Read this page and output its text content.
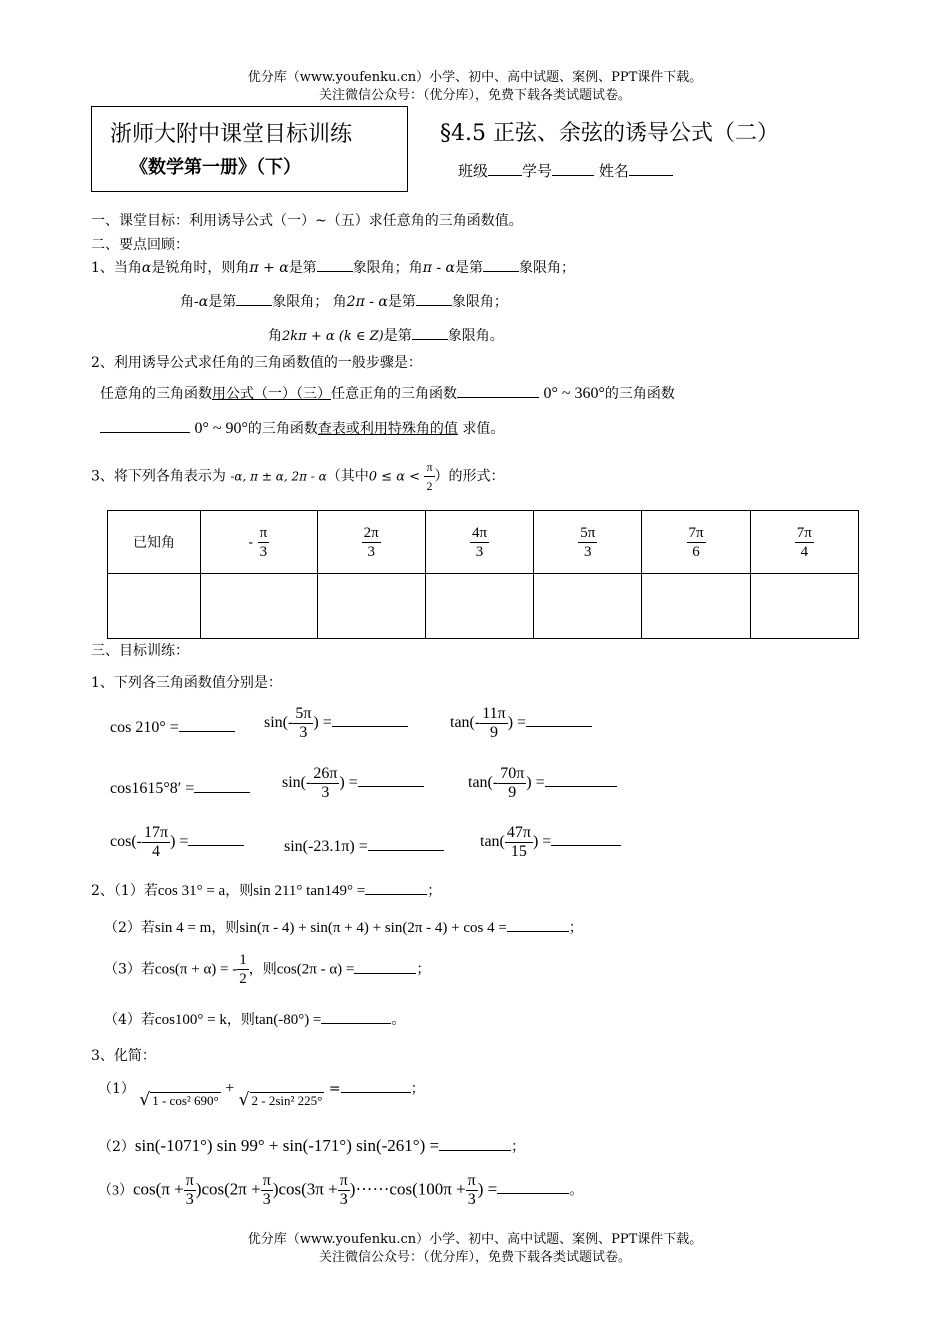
优分库（www.youfenku.cn）小学、初中、高中试题、案例、PPT课件下载。
关注微信公众号：（优分库），免费下载各类试题试卷。
浙师大附中课堂目标训练
《数学第一册》（下）
§4.5 正弦、余弦的诱导公式（二）
班级 学号	姓名
一、课堂目标：利用诱导公式（一）~（五）求任意角的三角函数值。
二、要点回顾：
1、当角α是锐角时，则角π + α是第	象限角；角π - α是第	象限角；
角-α是第	象限角； 角2π - α是第	象限角；
角2kπ + α (k ∈ Z)是第	象限角。
2、利用诱导公式求任角的三角函数值的一般步骤是：
任意角的三角函数用公式（一）（三）任意正角的三角函数	0° ~ 360°的三角函数
0° ~ 90°的三角函数查表或利用特殊角的值 求值。
3、将下列各角表示为 -α, π ± α, 2π - α（其中$0 \le \alpha < \frac{\pi}{2}$ ）的形式：
已知角	- $\frac{\pi}{3}$	$\frac{2\pi}{3}$	$\frac{4\pi}{3}$	$\frac{5\pi}{3}$	$\frac{7\pi}{6}$	$\frac{7\pi}{4}$

三、目标训练：
1、下列各三角函数值分别是：
cos 210° =	$\sin(- \frac{5\pi}{3}$ ) =	$\tan(- \frac{11\pi}{9}$ ) =
cos1615°8′ =	$\sin(- \frac{26\pi}{3}$ ) =	$\tan(- \frac{70\pi}{9}$ ) =
$\cos(- \frac{17\pi}{4}$ ) =	sin(-23.1π) =	$\tan( \frac{47\pi}{15}$ ) =
2、（1）若cos 31° = a，则sin 211° tan149° =	；
（2）若sin 4 = m，则sin(π - 4) + sin(π + 4) + sin(2π - 4) + cos 4 =	；
（3）若cos(π + α) = - $\frac{1}{2}$ ，则cos(2π - α) =	；
（4）若cos100° = k，则tan(-80°) =	。
3、化简：
（1） √ 1 - cos² 690° + √ 2 - 2sin² 225° =	；
（2）sin(-1071°) sin 99° + sin(-171°) sin(-261°) =	；
$(3)\cos(\pi + \frac{\pi}{3} )\cos(2\pi + \frac{\pi}{3} )\cos(3\pi + \frac{\pi}{3} )\cdot\cdot\cdot\cdot\cdot\cdot\cos(100\pi + \frac{\pi}{3}$ ) =	。
优分库（www.youfenku.cn）小学、初中、高中试题、案例、PPT课件下载。
关注微信公众号：（优分库），免费下载各类试题试卷。
